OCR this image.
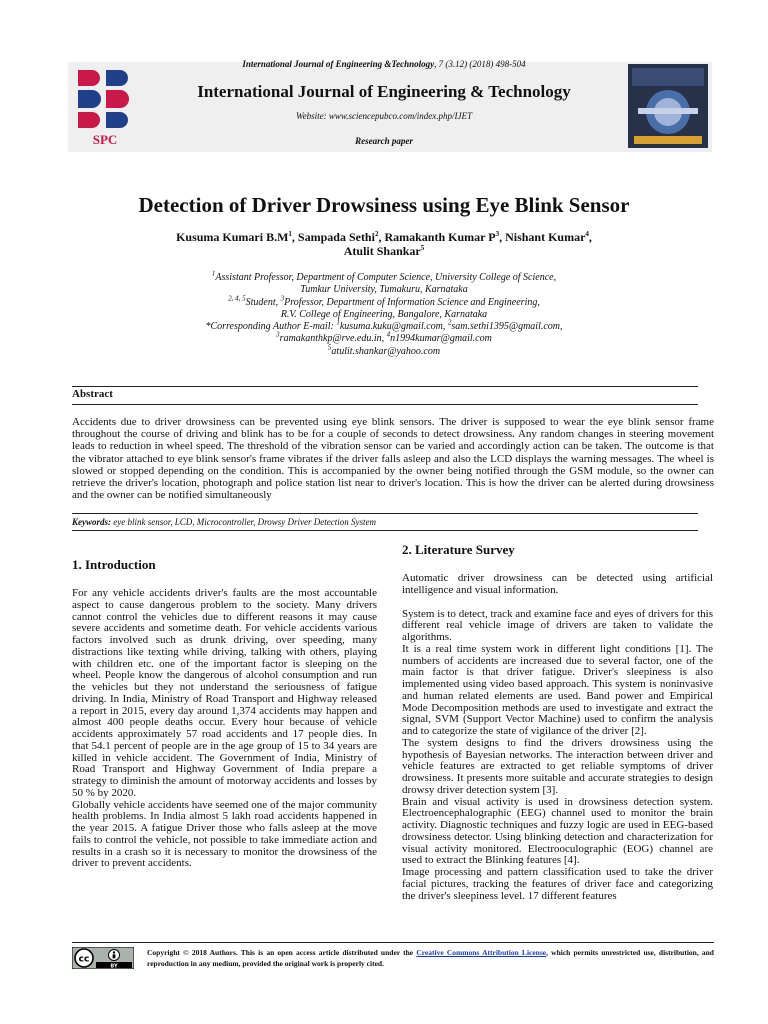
SPC
International Journal of Engineering &Technology, 7 (3.12) (2018) 498-504
International Journal of Engineering & Technology
Website: www.sciencepubco.com/index.php/IJET
Research paper
Detection of Driver Drowsiness using Eye Blink Sensor
Kusuma Kumari $B.M^1$, Sampada Sethi$^2$, Ramakanth Kumar $P^3$, Nishant Kumar$^4$,
Atulit Shankar$^5$
$^1$Assistant Professor, Department of Computer Science, University College of Science,
Tumkur University, Tumakuru, Karnataka
$^{2, 4, 5}$Student, $^3$Professor, Department of Information Science and Engineering,
R.V. College of Engineering, Bangalore, Karnataka
*Corresponding Author E-mail: $^1$kusuma.kuku@gmail.com, $^2$sam.sethi1395@gmail.com,
$^3$ramakanthkp@rve.edu.in, $^4$n1994kumar@gmail.com
$^5$atulit.shankar@yahoo.com
Abstract
Accidents due to driver drowsiness can be prevented using eye blink sensors. The driver is supposed to wear the eye blink sensor frame throughout the course of driving and blink has to be for a couple of seconds to detect drowsiness. Any random changes in steering movement leads to reduction in wheel speed. The threshold of the vibration sensor can be varied and accordingly action can be taken. The outcome is that the vibrator attached to eye blink sensor's frame vibrates if the driver falls asleep and also the LCD displays the warning messages. The wheel is slowed or stopped depending on the condition. This is accompanied by the owner being notified through the GSM module, so the owner can retrieve the driver's location, photograph and police station list near to driver's location. This is how the driver can be alerted during drowsiness and the owner can be notified simultaneously
Keywords: eye blink sensor, LCD, Microcontroller, Drowsy Driver Detection System
1. Introduction

For any vehicle accidents driver's faults are the most accountable aspect to cause dangerous problem to the society. Many drivers cannot control the vehicles due to different reasons it may cause severe accidents and sometime death. For vehicle accidents various factors involved such as drunk driving, over speeding, many distractions like texting while driving, talking with others, playing with children etc. one of the important factor is sleeping on the wheel. People know the dangerous of alcohol consumption and run the vehicles but they not understand the seriousness of fatigue driving. In India, Ministry of Road Transport and Highway released a report in 2015, every day around 1,374 accidents may happen and almost 400 people deaths occur. Every hour because of vehicle accidents approximately 57 road accidents and 17 people dies. In that 54.1 percent of people are in the age group of 15 to 34 years are killed in vehicle accident. The Government of India, Ministry of Road Transport and Highway Government of India prepare a strategy to diminish the amount of motorway accidents and losses by 50 % by 2020.

Globally vehicle accidents have seemed one of the major community health problems. In India almost 5 lakh road accidents happened in the year 2015. A fatigue Driver those who falls asleep at the move fails to control the vehicle, not possible to take immediate action and results in a crash so it is necessary to monitor the drowsiness of the driver to prevent accidents.

2. Literature Survey

Automatic driver drowsiness can be detected using artificial intelligence and visual information.

System is to detect, track and examine face and eyes of drivers for this different real vehicle image of drivers are taken to validate the algorithms.

It is a real time system work in different light conditions [1]. The numbers of accidents are increased due to several factor, one of the main factor is that driver fatigue. Driver's sleepiness is also implemented using video based approach. This system is noninvasive and human related elements are used. Band power and Empirical Mode Decomposition methods are used to investigate and extract the signal, SVM (Support Vector Machine) used to confirm the analysis and to categorize the state of vigilance of the driver [2].

The system designs to find the drivers drowsiness using the hypothesis of Bayesian networks. The interaction between driver and vehicle features are extracted to get reliable symptoms of driver drowsiness. It presents more suitable and accurate strategies to design drowsy driver detection system [3].

Brain and visual activity is used in drowsiness detection system. Electroencephalographic (EEG) channel used to monitor the brain activity. Diagnostic techniques and fuzzy logic are used in EEG-based drowsiness detector. Using blinking detection and characterization for visual activity monitored. Electrooculographic (EOG) channel are used to extract the Blinking features [4].

Image processing and pattern classification used to take the driver facial pictures, tracking the features of driver face and categorizing the driver's sleepiness level. 17 different features

cc
BY
Copyright © 2018 Authors. This is an open access article distributed under the Creative Commons Attribution License, which permits unrestricted use, distribution, and reproduction in any medium, provided the original work is properly cited.
